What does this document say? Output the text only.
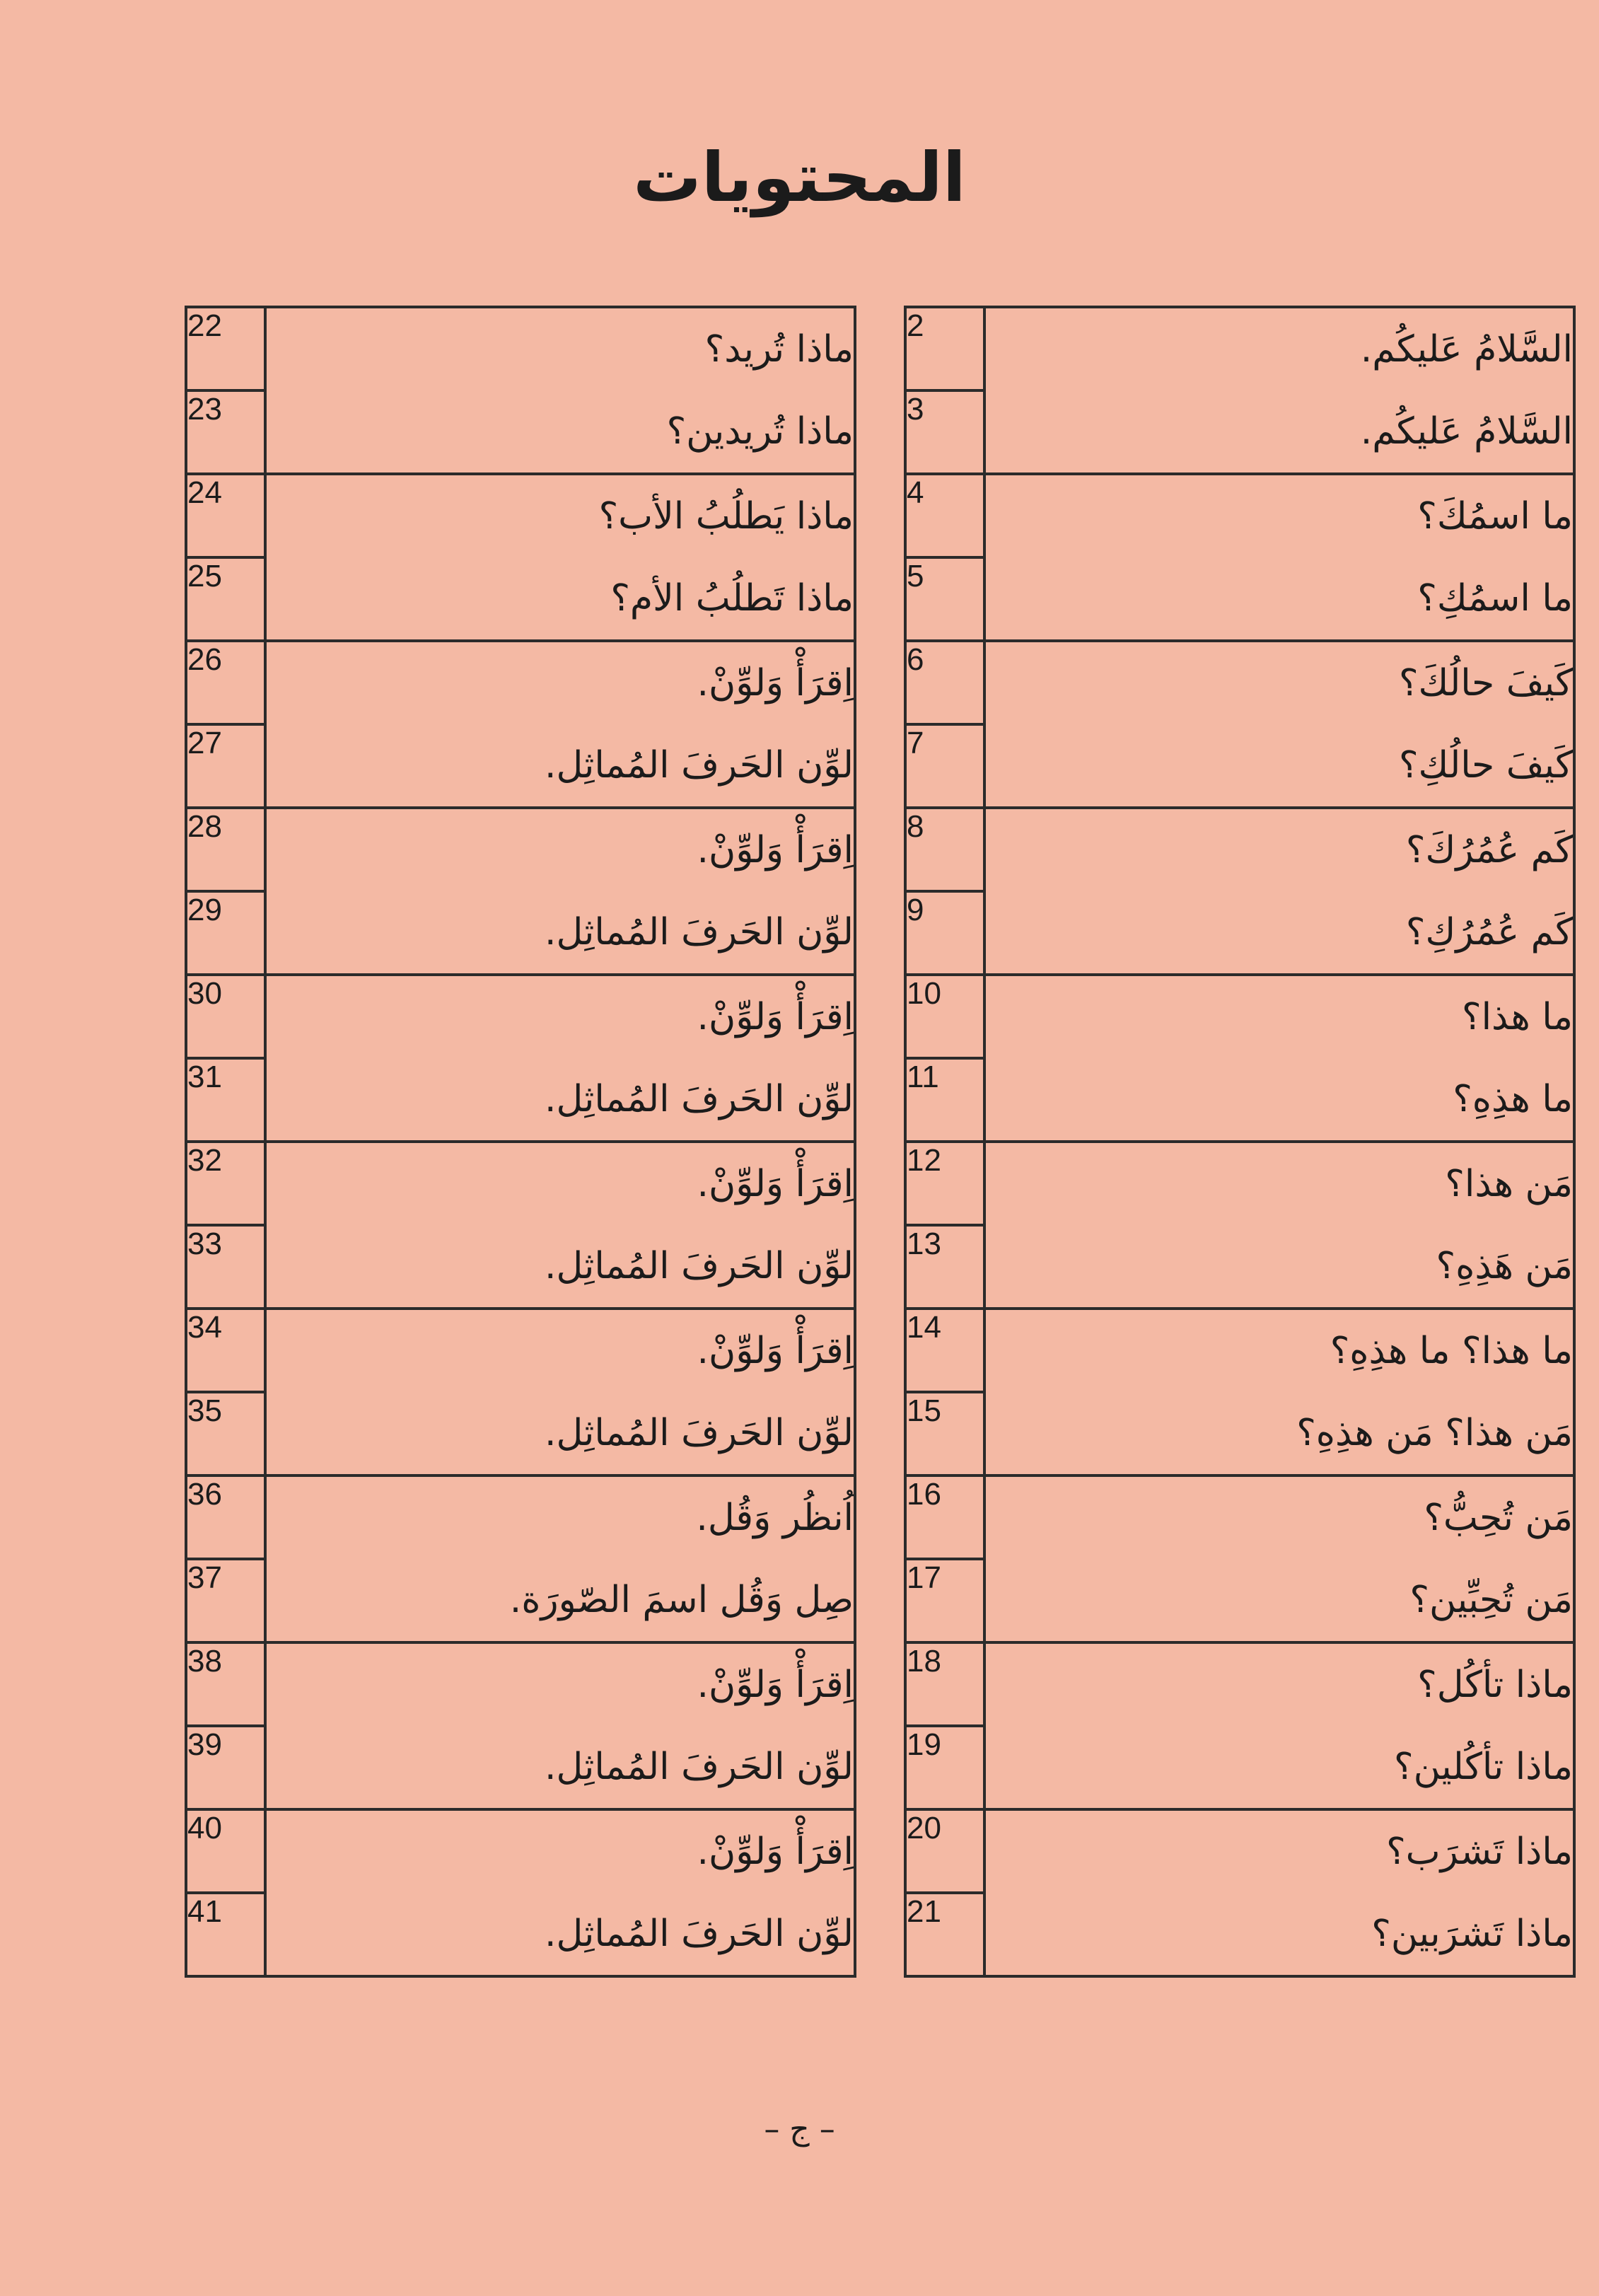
المحتويات
22	ماذا تُريد؟
23	ماذا تُريدين؟
24	ماذا يَطلُبُ الأب؟
25	ماذا تَطلُبُ الأم؟
26	اِقرَأْ وَلوِّنْ.
27	لوِّن الحَرفَ المُماثِل.
28	اِقرَأْ وَلوِّنْ.
29	لوِّن الحَرفَ المُماثِل.
30	اِقرَأْ وَلوِّنْ.
31	لوِّن الحَرفَ المُماثِل.
32	اِقرَأْ وَلوِّنْ.
33	لوِّن الحَرفَ المُماثِل.
34	اِقرَأْ وَلوِّنْ.
35	لوِّن الحَرفَ المُماثِل.
36	اُنظُر وَقُل.
37	صِل وَقُل اسمَ الصّورَة.
38	اِقرَأْ وَلوِّنْ.
39	لوِّن الحَرفَ المُماثِل.
40	اِقرَأْ وَلوِّنْ.
41	لوِّن الحَرفَ المُماثِل.
2	السَّلامُ عَليكُم.
3	السَّلامُ عَليكُم.
4	ما اسمُكَ؟
5	ما اسمُكِ؟
6	كَيفَ حالُكَ؟
7	كَيفَ حالُكِ؟
8	كَم عُمُرُكَ؟
9	كَم عُمُرُكِ؟
10	ما هذا؟
11	ما هذِهِ؟
12	مَن هذا؟
13	مَن هَذِهِ؟
14	ما هذا؟ ما هذِهِ؟
15	مَن هذا؟ مَن هذِهِ؟
16	مَن تُحِبُّ؟
17	مَن تُحِبِّين؟
18	ماذا تأكُل؟
19	ماذا تأكُلين؟
20	ماذا تَشرَب؟
21	ماذا تَشرَبين؟
– ج –
